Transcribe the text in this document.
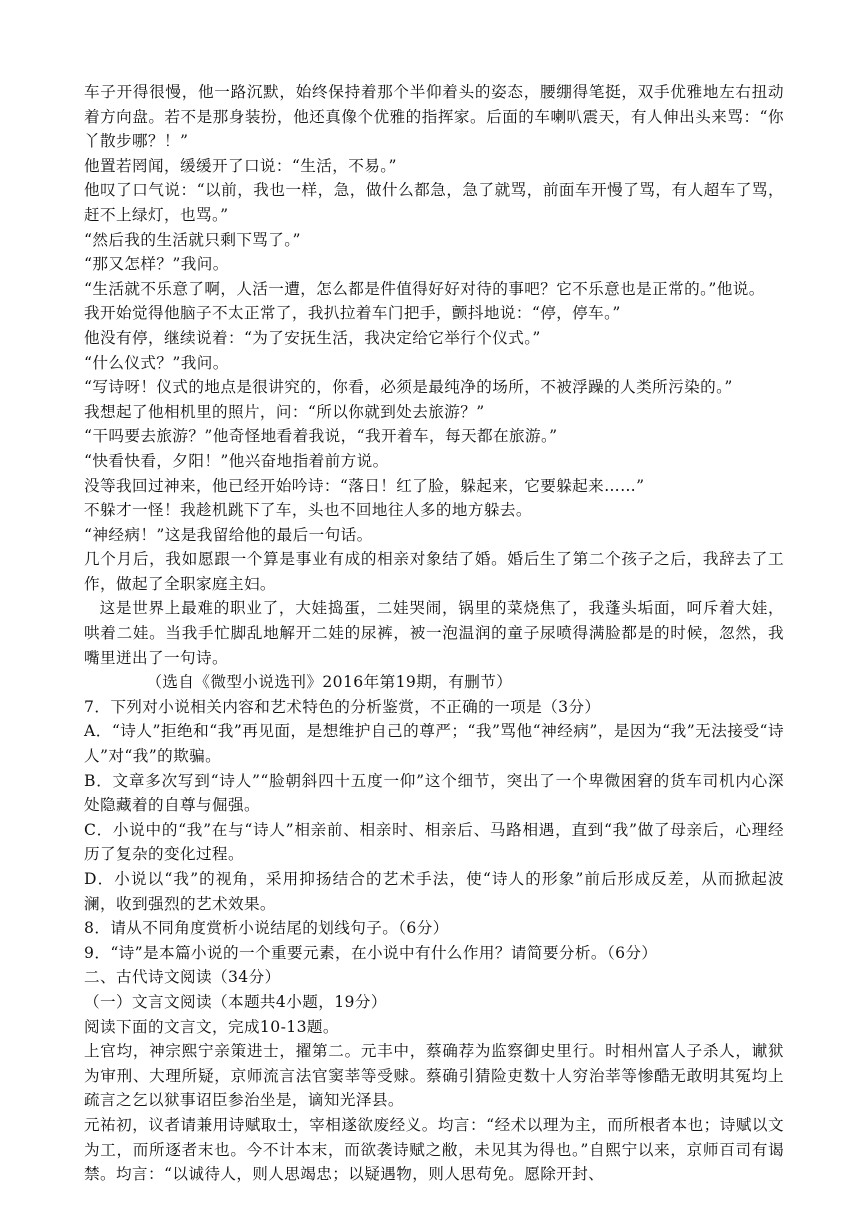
车子开得很慢，他一路沉默，始终保持着那个半仰着头的姿态，腰绷得笔挺，双手优雅地左右扭动着方向盘。若不是那身装扮，他还真像个优雅的指挥家。后面的车喇叭震天，有人伸出头来骂：“你丫散步哪？！”

他置若罔闻，缓缓开了口说：“生活，不易。”

他叹了口气说：“以前，我也一样，急，做什么都急，急了就骂，前面车开慢了骂，有人超车了骂，赶不上绿灯，也骂。”

“然后我的生活就只剩下骂了。”

“那又怎样？”我问。

“生活就不乐意了啊，人活一遭，怎么都是件值得好好对待的事吧？它不乐意也是正常的。”他说。

我开始觉得他脑子不太正常了，我扒拉着车门把手，颤抖地说：“停，停车。”

他没有停，继续说着：“为了安抚生活，我决定给它举行个仪式。”

“什么仪式？”我问。

“写诗呀！仪式的地点是很讲究的，你看，必须是最纯净的场所，不被浮躁的人类所污染的。”

我想起了他相机里的照片，问：“所以你就到处去旅游？”

“干吗要去旅游？”他奇怪地看着我说，“我开着车，每天都在旅游。”

“快看快看，夕阳！”他兴奋地指着前方说。

没等我回过神来，他已经开始吟诗：“落日！红了脸，躲起来，它要躲起来……”

不躲才一怪！我趁机跳下了车，头也不回地往人多的地方躲去。

“神经病！”这是我留给他的最后一句话。

几个月后，我如愿跟一个算是事业有成的相亲对象结了婚。婚后生了第二个孩子之后，我辞去了工作，做起了全职家庭主妇。

这是世界上最难的职业了，大娃捣蛋，二娃哭闹，锅里的菜烧焦了，我蓬头垢面，呵斥着大娃，哄着二娃。当我手忙脚乱地解开二娃的尿裤，被一泡温润的童子尿喷得满脸都是的时候，忽然，我嘴里迸出了一句诗。

（选自《微型小说选刊》2016年第19期，有删节）

7．下列对小说相关内容和艺术特色的分析鉴赏，不正确的一项是（3分）

A．“诗人”拒绝和“我”再见面，是想维护自己的尊严；“我”骂他“神经病”，是因为“我”无法接受“诗人”对“我”的欺骗。

B．文章多次写到“诗人”“脸朝斜四十五度一仰”这个细节，突出了一个卑微困窘的货车司机内心深处隐藏着的自尊与倔强。

C．小说中的“我”在与“诗人”相亲前、相亲时、相亲后、马路相遇，直到“我”做了母亲后，心理经历了复杂的变化过程。

D．小说以“我”的视角，采用抑扬结合的艺术手法，使“诗人的形象”前后形成反差，从而掀起波澜，收到强烈的艺术效果。

8．请从不同角度赏析小说结尾的划线句子。（6分）

9．“诗”是本篇小说的一个重要元素，在小说中有什么作用？请简要分析。（6分）

二、古代诗文阅读（34分）

（一）文言文阅读（本题共4小题，19分）

阅读下面的文言文，完成10-13题。

上官均，神宗熙宁亲策进士，擢第二。元丰中，蔡确荐为监察御史里行。时相州富人子杀人，谳狱为审刑、大理所疑，京师流言法官窦莘等受赇。蔡确引猜险吏数十人穷治莘等惨酷无敢明其冤均上疏言之乞以狱事诏臣参治坐是，谪知光泽县。

元祐初，议者请兼用诗赋取士，宰相遂欲废经义。均言：“经术以理为主，而所根者本也；诗赋以文为工，而所逐者末也。今不计本末，而欲袭诗赋之敝，未见其为得也。”自熙宁以来，京师百司有谒禁。均言：“以诚待人，则人思竭忠；以疑遇物，则人思苟免。愿除开封、
